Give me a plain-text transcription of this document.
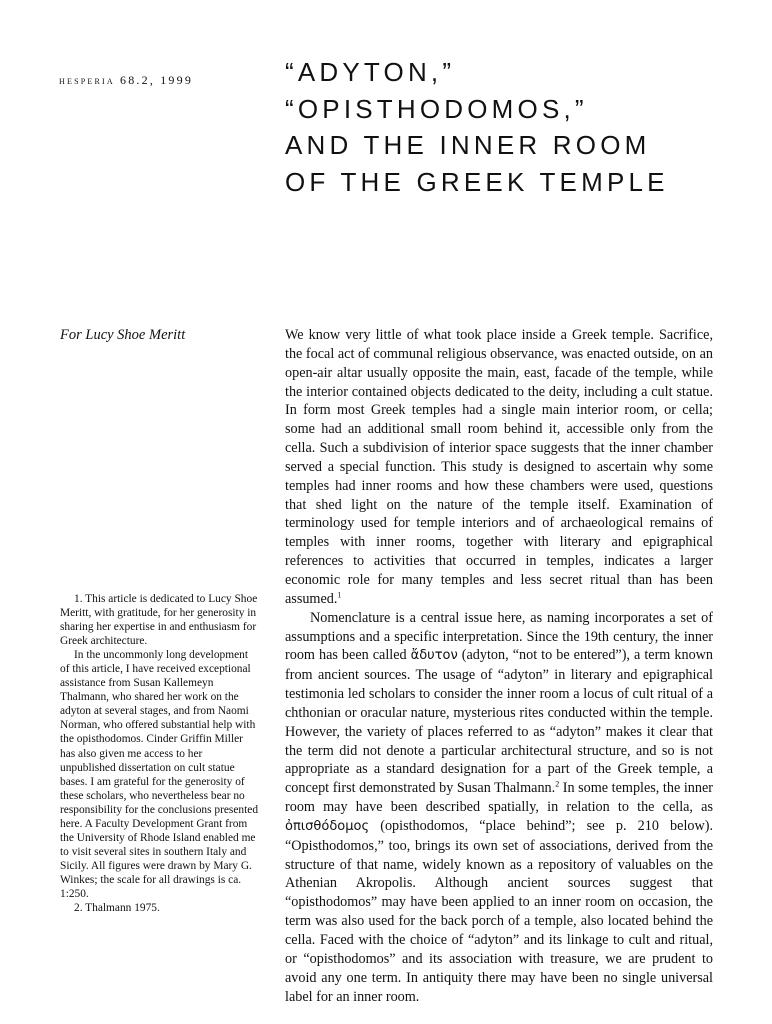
hesperia 68.2, 1999	“ADYTON,”
“OPISTHODOMOS,”
AND THE INNER ROOM
OF THE GREEK TEMPLE
For Lucy Shoe Meritt

1. This article is dedicated to Lucy Shoe Meritt, with gratitude, for her generosity in sharing her expertise in and enthusiasm for Greek architecture.

In the uncommonly long development of this article, I have received exceptional assistance from Susan Kallemeyn Thalmann, who shared her work on the adyton at several stages, and from Naomi Norman, who offered substantial help with the opisthodomos. Cinder Griffin Miller has also given me access to her unpublished dissertation on cult statue bases. I am grateful for the generosity of these scholars, who nevertheless bear no responsibility for the conclusions presented here. A Faculty Development Grant from the University of Rhode Island enabled me to visit several sites in southern Italy and Sicily. All figures were drawn by Mary G. Winkes; the scale for all drawings is ca. 1:250.

2. Thalmann 1975.

We know very little of what took place inside a Greek temple. Sacrifice, the focal act of communal religious observance, was enacted outside, on an open-air altar usually opposite the main, east, facade of the temple, while the interior contained objects dedicated to the deity, including a cult statue. In form most Greek temples had a single main interior room, or cella; some had an additional small room behind it, accessible only from the cella. Such a subdivision of interior space suggests that the inner chamber served a special function. This study is designed to ascertain why some temples had inner rooms and how these chambers were used, questions that shed light on the nature of the temple itself. Examination of terminology used for temple interiors and of archaeological remains of temples with inner rooms, together with literary and epigraphical references to activities that occurred in temples, indicates a larger economic role for many temples and less secret ritual than has been assumed.$^1$

Nomenclature is a central issue here, as naming incorporates a set of assumptions and a specific interpretation. Since the 19th century, the inner room has been called ἄδυτον (adyton, “not to be entered”), a term known from ancient sources. The usage of “adyton” in literary and epigraphical testimonia led scholars to consider the inner room a locus of cult ritual of a chthonian or oracular nature, mysterious rites conducted within the temple. However, the variety of places referred to as “adyton” makes it clear that the term did not denote a particular architectural structure, and so is not appropriate as a standard designation for a part of the Greek temple, a concept first demonstrated by Susan Thalmann.$^2$ In some temples, the inner room may have been described spatially, in relation to the cella, as ὀπισθόδομος (opisthodomos, “place behind”; see p. 210 below). “Opisthodomos,” too, brings its own set of associations, derived from the structure of that name, widely known as a repository of valuables on the Athenian Akropolis. Although ancient sources suggest that “opisthodomos” may have been applied to an inner room on occasion, the term was also used for the back porch of a temple, also located behind the cella. Faced with the choice of “adyton” and its linkage to cult and ritual, or “opisthodomos” and its association with treasure, we are prudent to avoid any one term. In antiquity there may have been no single universal label for an inner room.
